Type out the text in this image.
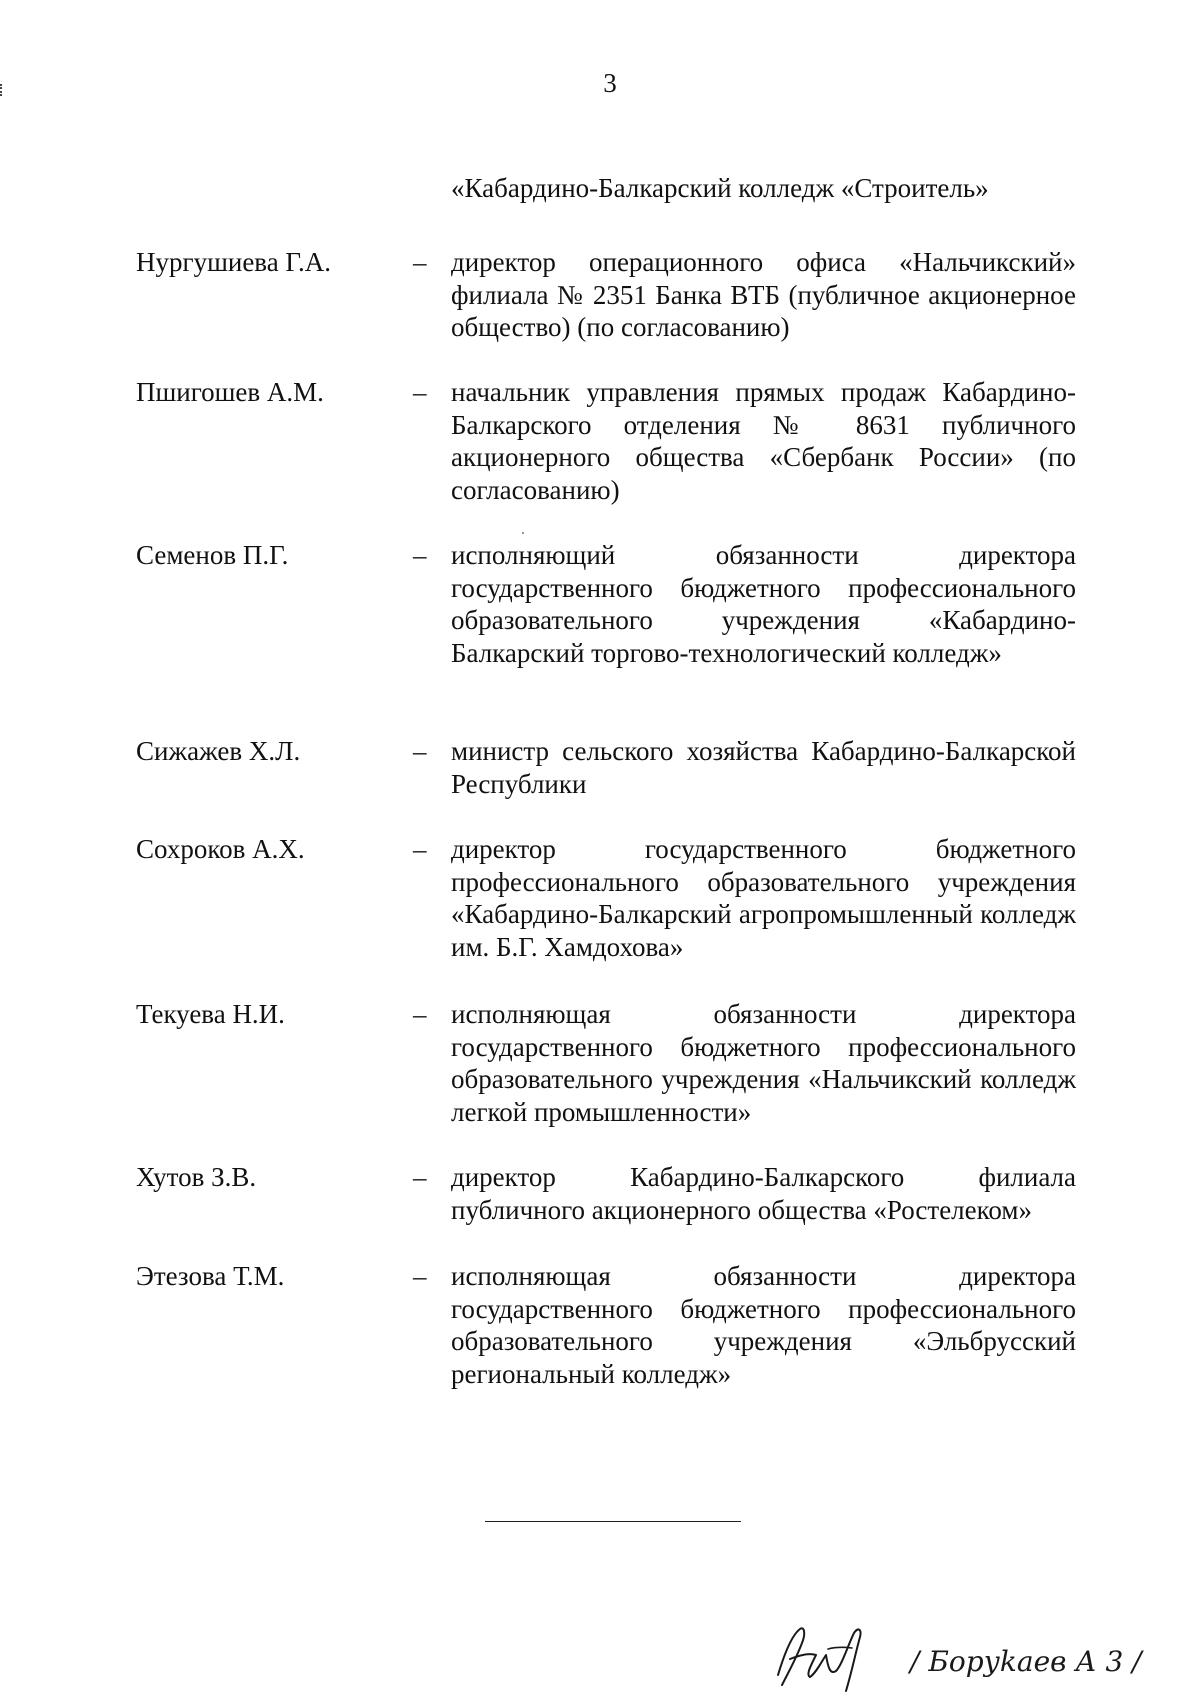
3
«Кабардино-Балкарский колледж «Строитель»
Нургушиева Г.А.	– директор операционного офиса «Нальчикский» филиала № 2351 Банка ВТБ (публичное акционерное общество) (по согласованию)
Пшигошев А.М.	– начальник управления прямых продаж Кабардино-Балкарского отделения № 8631 публичного акционерного общества «Сбербанк России» (по согласованию)
Семенов П.Г.	– исполняющий обязанности директора государственного бюджетного профессионального образовательного учреждения «Кабардино-Балкарский торгово-технологический колледж»
Сижажев Х.Л.	– министр сельского хозяйства Кабардино-Балкарской Республики
Сохроков А.Х.	– директор государственного бюджетного профессионального образовательного учреждения «Кабардино-Балкарский агропромышленный колледж им. Б.Г. Хамдохова»
Текуева Н.И.	– исполняющая обязанности директора государственного бюджетного профессионального образовательного учреждения «Нальчикский колледж легкой промышленности»
Хутов З.В.	– директор Кабардино-Балкарского филиала публичного акционерного общества «Ростелеком»
Этезова Т.М.	– исполняющая обязанности директора государственного бюджетного профессионального образовательного учреждения «Эльбрусский региональный колледж»
/ Боруkaeв А 3 /
